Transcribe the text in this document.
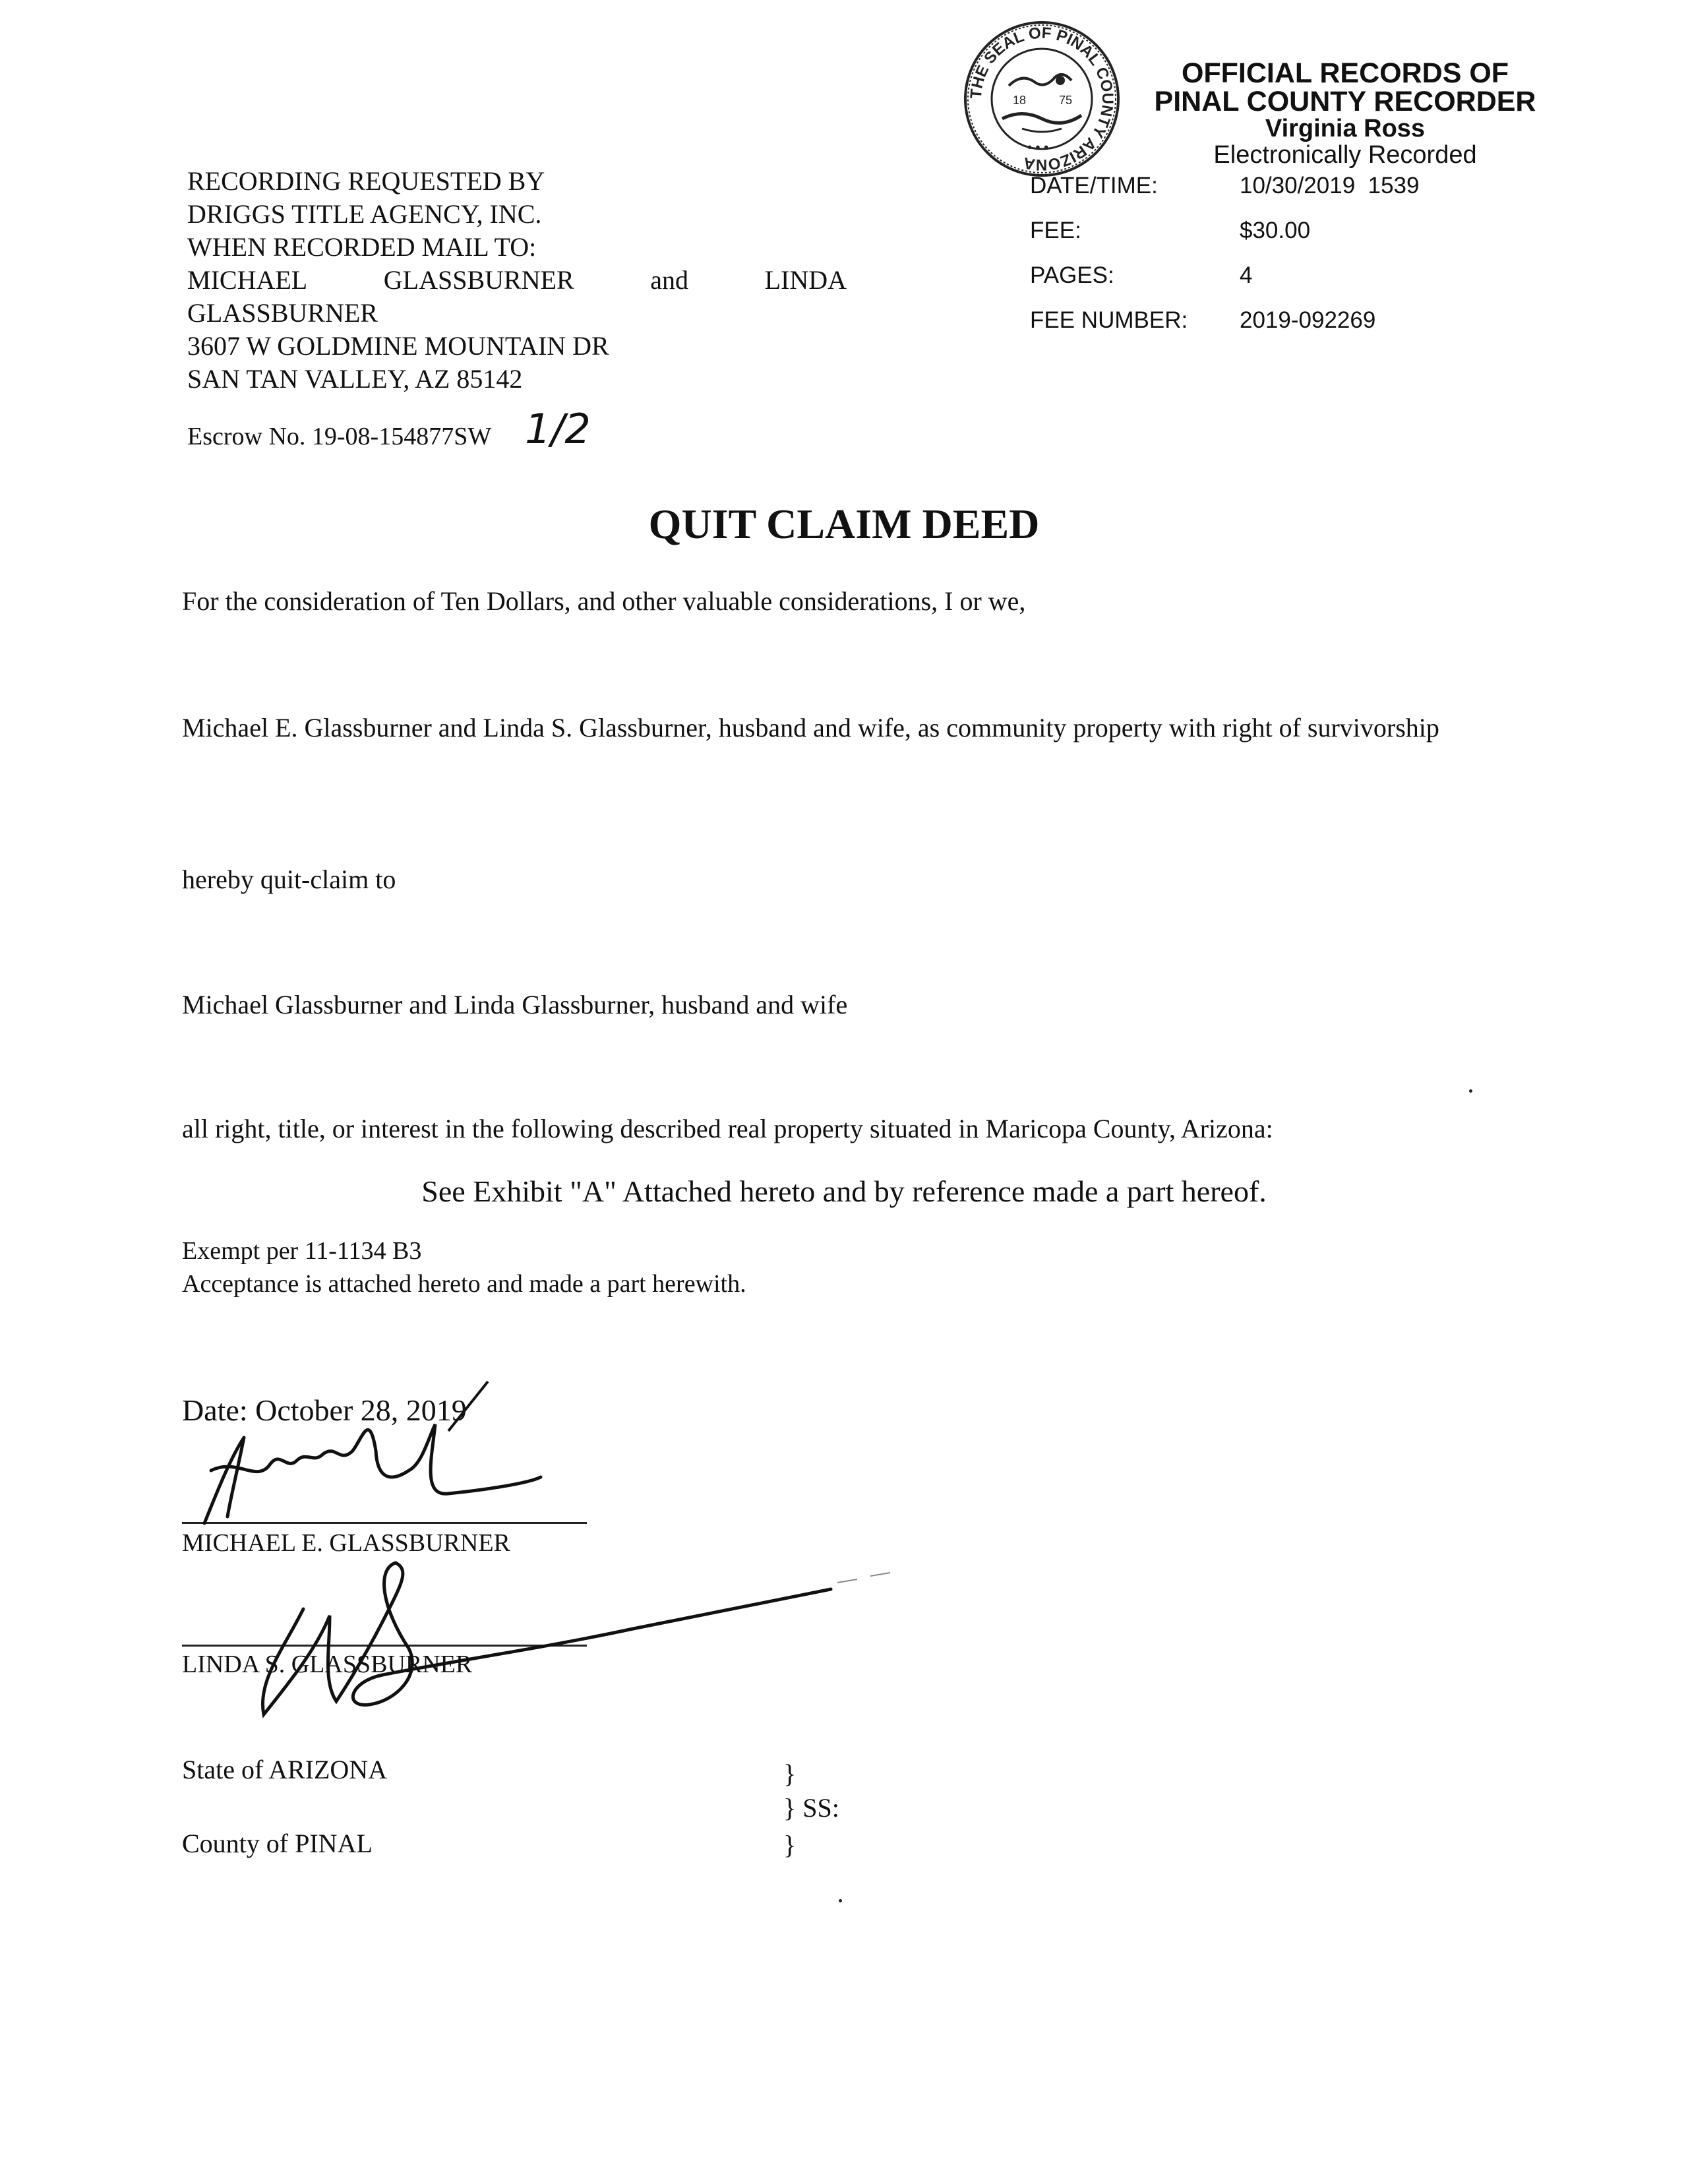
THE SEAL OF PINAL COUNTY ARIZONA
18	75
• • •
OFFICIAL RECORDS OF
PINAL COUNTY RECORDER
Virginia Ross
Electronically Recorded
DATE/TIME:	10/30/2019  1539
FEE:	$30.00
PAGES:	4
FEE NUMBER: 2019-092269
RECORDING REQUESTED BY
DRIGGS TITLE AGENCY, INC.
WHEN RECORDED MAIL TO:
MICHAEL	GLASSBURNER	and	LINDA
GLASSBURNER
3607 W GOLDMINE MOUNTAIN DR
SAN TAN VALLEY, AZ 85142
Escrow No. 19-08-154877SW 1/2
QUIT CLAIM DEED
For the consideration of Ten Dollars, and other valuable considerations, I or we,
Michael E. Glassburner and Linda S. Glassburner, husband and wife, as community property with right of survivorship
hereby quit-claim to
Michael Glassburner and Linda Glassburner, husband and wife
all right, title, or interest in the following described real property situated in Maricopa County, Arizona:
See Exhibit "A" Attached hereto and by reference made a part hereof.
Exempt per 11-1134 B3
Acceptance is attached hereto and made a part herewith.
Date: October 28, 2019
MICHAEL E. GLASSBURNER
LINDA S. GLASSBURNER
State of ARIZONA
County of PINAL
}
} SS:
}
